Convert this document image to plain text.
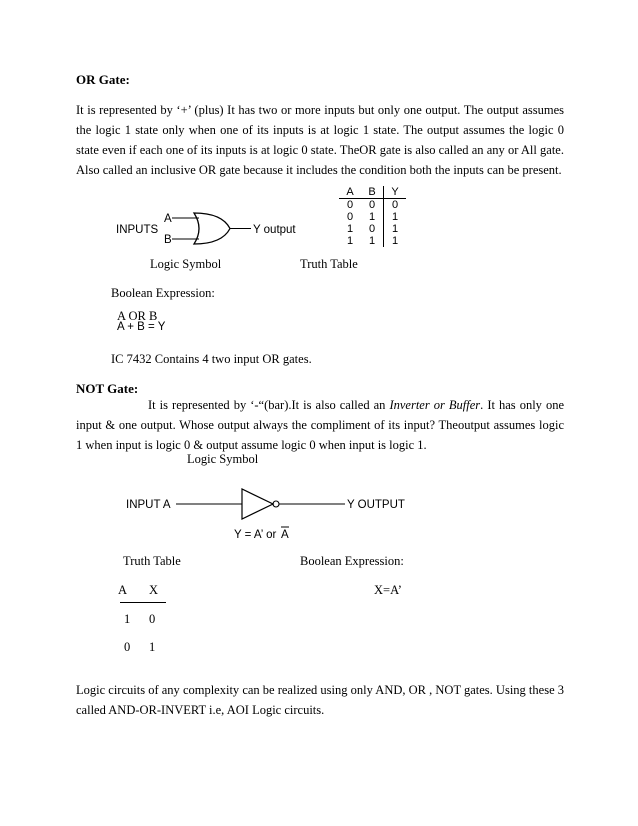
OR Gate:
It is represented by ‘+’ (plus) It has two or more inputs but only one output. The output assumes the logic 1 state only when one of its inputs is at logic 1 state. The output assumes the logic 0 state even if each one of its inputs is at logic 0 state. TheOR gate is also called an any or All gate. Also called an inclusive OR gate because it includes the condition both the inputs can be present.
INPUTS
A
B
Y output
A	B	Y
0	0	0
0	1	1
1	0	1
1	1	1
Logic Symbol	Truth Table
Boolean Expression:
A OR B
A + B = Y
IC 7432 Contains 4 two input OR gates.
NOT Gate:
It is represented by ‘-“(bar).It is also called an Inverter or Buffer. It has only one input & one output. Whose output always the compliment of its input? Theoutput assumes logic 1 when input is logic 0 & output assume logic 0 when input is logic 1.
Logic Symbol
INPUT A	Y OUTPUT
Y = A’ or A
Truth Table	Boolean Expression:
A X	X=A’
1 0
0 1
Logic circuits of any complexity can be realized using only AND, OR , NOT gates. Using these 3 called AND-OR-INVERT i.e, AOI Logic circuits.
